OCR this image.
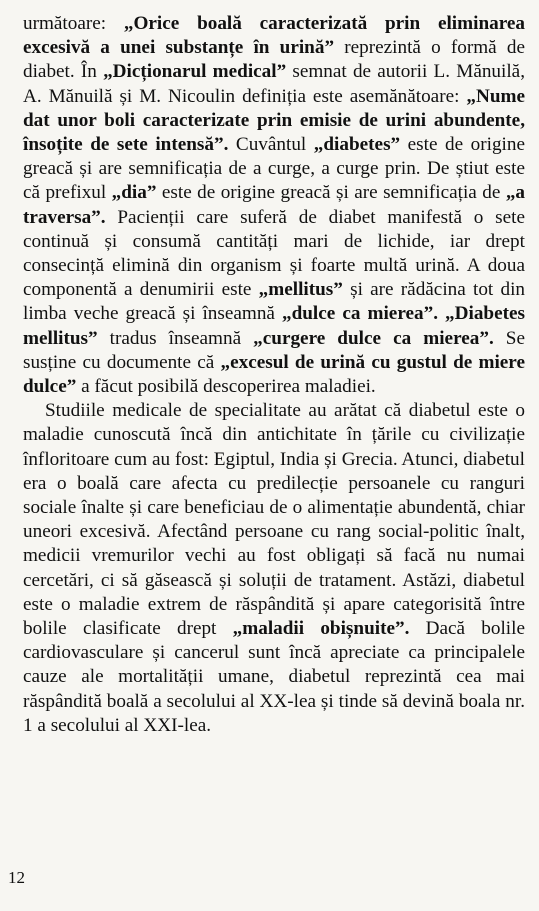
următoare: „Orice boală caracterizată prin eliminarea excesivă a unei substanțe în urină” reprezintă o formă de diabet. În „Dicționarul medical” semnat de autorii L. Mănuilă, A. Mănuilă și M. Nicoulin definiția este asemănătoare: „Nume dat unor boli caracterizate prin emisie de urini abundente, însoțite de sete intensă”. Cuvântul „diabetes” este de origine greacă și are semnificația de a curge, a curge prin. De știut este că prefixul „dia” este de origine greacă și are semnificația de „a traversa”. Pacienții care suferă de diabet manifestă o sete continuă și consumă cantități mari de lichide, iar drept consecință elimină din organism și foarte multă urină. A doua componentă a denumirii este „mellitus” și are rădăcina tot din limba veche greacă și înseamnă „dulce ca mierea”. „Diabetes mellitus” tradus înseamnă „curgere dulce ca mierea”. Se susține cu documente că „excesul de urină cu gustul de miere dulce” a făcut posibilă descoperirea maladiei.

Studiile medicale de specialitate au arătat că diabetul este o maladie cunoscută încă din antichitate în țările cu civilizație înfloritoare cum au fost: Egiptul, India și Grecia. Atunci, diabetul era o boală care afecta cu predilecție persoanele cu ranguri sociale înalte și care beneficiau de o alimentație abundentă, chiar uneori excesivă. Afectând persoane cu rang social-politic înalt, medicii vremurilor vechi au fost obligați să facă nu numai cercetări, ci să găsească și soluții de tratament. Astăzi, diabetul este o maladie extrem de răspândită și apare categorisită între bolile clasificate drept „maladii obișnuite”. Dacă bolile cardiovasculare și cancerul sunt încă apreciate ca principalele cauze ale mortalității umane, diabetul reprezintă cea mai răspândită boală a secolului al XX-lea și tinde să devină boala nr. 1 a secolului al XXI-lea.

12
